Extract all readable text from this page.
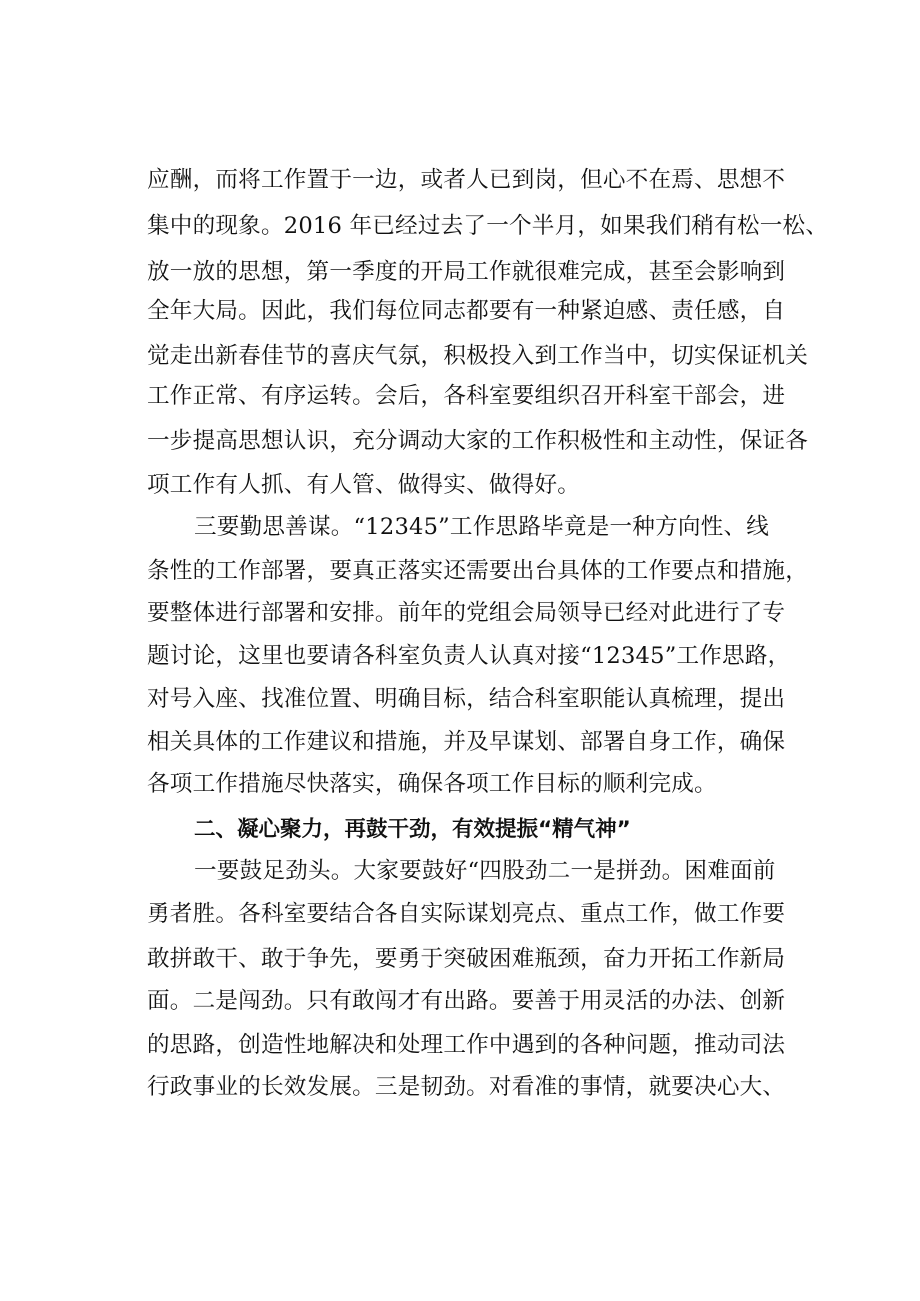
应酬，而将工作置于一边，或者人已到岗，但心不在焉、思想不
集中的现象。2016 年已经过去了一个半月，如果我们稍有松一松、
放一放的思想，第一季度的开局工作就很难完成，甚至会影响到
全年大局。因此，我们每位同志都要有一种紧迫感、责任感，自
觉走出新春佳节的喜庆气氛，积极投入到工作当中，切实保证机关
工作正常、有序运转。会后，各科室要组织召开科室干部会，进
一步提高思想认识，充分调动大家的工作积极性和主动性，保证各
项工作有人抓、有人管、做得实、做得好。
三要勤思善谋。“12345”工作思路毕竟是一种方向性、线
条性的工作部署，要真正落实还需要出台具体的工作要点和措施，
要整体进行部署和安排。前年的党组会局领导已经对此进行了专
题讨论，这里也要请各科室负责人认真对接“12345”工作思路，
对号入座、找准位置、明确目标，结合科室职能认真梳理，提出
相关具体的工作建议和措施，并及早谋划、部署自身工作，确保
各项工作措施尽快落实，确保各项工作目标的顺利完成。
二、凝心聚力，再鼓干劲，有效提振“精气神”
一要鼓足劲头。大家要鼓好“四股劲二一是拼劲。困难面前
勇者胜。各科室要结合各自实际谋划亮点、重点工作，做工作要
敢拼敢干、敢于争先，要勇于突破困难瓶颈，奋力开拓工作新局
面。二是闯劲。只有敢闯才有出路。要善于用灵活的办法、创新
的思路，创造性地解决和处理工作中遇到的各种问题，推动司法
行政事业的长效发展。三是韧劲。对看准的事情，就要决心大、
